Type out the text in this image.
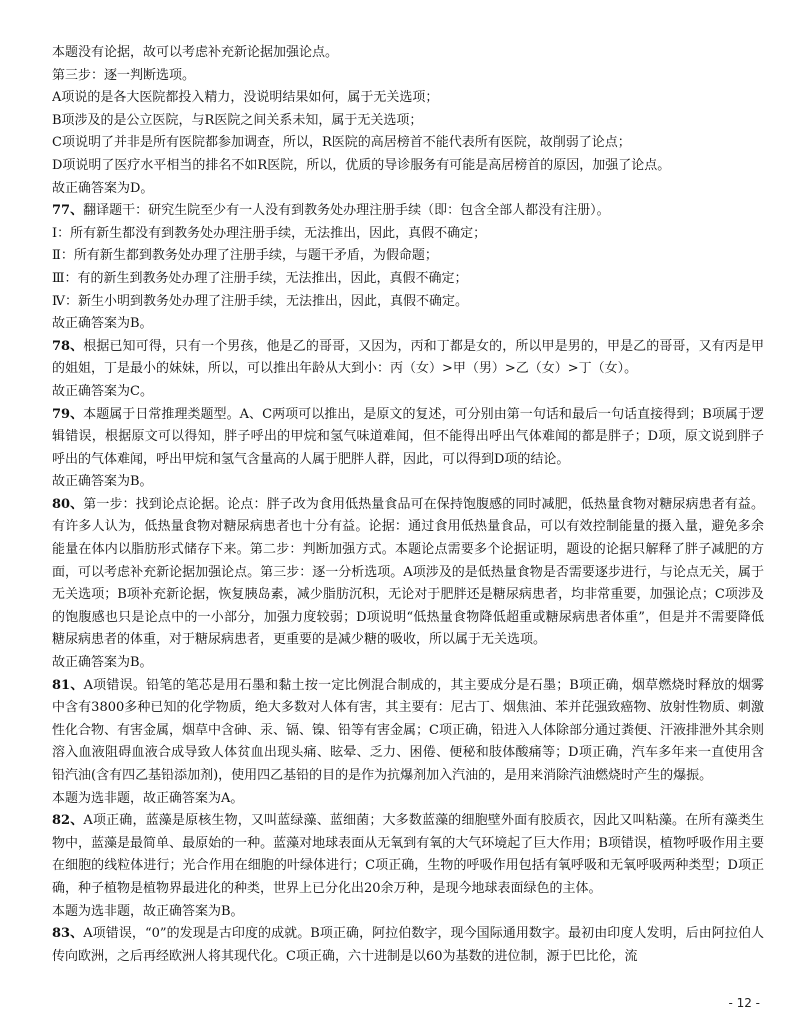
本题没有论据，故可以考虑补充新论据加强论点。
第三步：逐一判断选项。
A项说的是各大医院都投入精力，没说明结果如何，属于无关选项；
B项涉及的是公立医院，与R医院之间关系未知，属于无关选项；
C项说明了并非是所有医院都参加调查，所以，R医院的高居榜首不能代表所有医院，故削弱了论点；
D项说明了医疗水平相当的排名不如R医院，所以，优质的导诊服务有可能是高居榜首的原因，加强了论点。
故正确答案为D。
77、翻译题干：研究生院至少有一人没有到教务处办理注册手续（即：包含全部人都没有注册）。
Ⅰ：所有新生都没有到教务处办理注册手续，无法推出，因此，真假不确定；
Ⅱ：所有新生都到教务处办理了注册手续，与题干矛盾，为假命题；
Ⅲ：有的新生到教务处办理了注册手续，无法推出，因此，真假不确定；
Ⅳ：新生小明到教务处办理了注册手续，无法推出，因此，真假不确定。
故正确答案为B。
78、根据已知可得，只有一个男孩，他是乙的哥哥，又因为，丙和丁都是女的，所以甲是男的，甲是乙的哥哥，又有丙是甲的姐姐，丁是最小的妹妹，所以，可以推出年龄从大到小：丙（女）>甲（男）>乙（女）>丁（女）。
故正确答案为C。
79、本题属于日常推理类题型。A、C两项可以推出，是原文的复述，可分别由第一句话和最后一句话直接得到；B项属于逻辑错误，根据原文可以得知，胖子呼出的甲烷和氢气味道难闻，但不能得出呼出气体难闻的都是胖子；D项，原文说到胖子呼出的气体难闻，呼出甲烷和氢气含量高的人属于肥胖人群，因此，可以得到D项的结论。
故正确答案为B。
80、第一步：找到论点论据。论点：胖子改为食用低热量食品可在保持饱腹感的同时减肥，低热量食物对糖尿病患者有益。有许多人认为，低热量食物对糖尿病患者也十分有益。论据：通过食用低热量食品，可以有效控制能量的摄入量，避免多余能量在体内以脂肪形式储存下来。第二步：判断加强方式。本题论点需要多个论据证明，题设的论据只解释了胖子减肥的方面，可以考虑补充新论据加强论点。第三步：逐一分析选项。A项涉及的是低热量食物是否需要逐步进行，与论点无关，属于无关选项；B项补充新论据，恢复胰岛素，减少脂肪沉积，无论对于肥胖还是糖尿病患者，均非常重要，加强论点；C项涉及的饱腹感也只是论点中的一小部分，加强力度较弱；D项说明“低热量食物降低超重或糖尿病患者体重”，但是并不需要降低糖尿病患者的体重，对于糖尿病患者，更重要的是减少糖的吸收，所以属于无关选项。
故正确答案为B。
81、A项错误。铅笔的笔芯是用石墨和黏土按一定比例混合制成的，其主要成分是石墨；B项正确，烟草燃烧时释放的烟雾中含有3800多种已知的化学物质，绝大多数对人体有害，其主要有：尼古丁、烟焦油、苯并芘强致癌物、放射性物质、刺激性化合物、有害金属，烟草中含砷、汞、镉、镍、铅等有害金属；C项正确，铅进入人体除部分通过粪便、汗液排泄外其余则溶入血液阻碍血液合成导致人体贫血出现头痛、眩晕、乏力、困倦、便秘和肢体酸痛等；D项正确，汽车多年来一直使用含铅汽油(含有四乙基铅添加剂)，使用四乙基铅的目的是作为抗爆剂加入汽油的，是用来消除汽油燃烧时产生的爆振。
本题为选非题，故正确答案为A。
82、A项正确，蓝藻是原核生物，又叫蓝绿藻、蓝细菌；大多数蓝藻的细胞壁外面有胶质衣，因此又叫粘藻。在所有藻类生物中，蓝藻是最简单、最原始的一种。蓝藻对地球表面从无氧到有氧的大气环境起了巨大作用；B项错误，植物呼吸作用主要在细胞的线粒体进行；光合作用在细胞的叶绿体进行；C项正确，生物的呼吸作用包括有氧呼吸和无氧呼吸两种类型；D项正确，种子植物是植物界最进化的种类，世界上已分化出20余万种，是现今地球表面绿色的主体。
本题为选非题，故正确答案为B。
83、A项错误，“0”的发现是古印度的成就。B项正确，阿拉伯数字，现今国际通用数字。最初由印度人发明，后由阿拉伯人传向欧洲，之后再经欧洲人将其现代化。C项正确，六十进制是以60为基数的进位制，源于巴比伦，流
- 12 -
